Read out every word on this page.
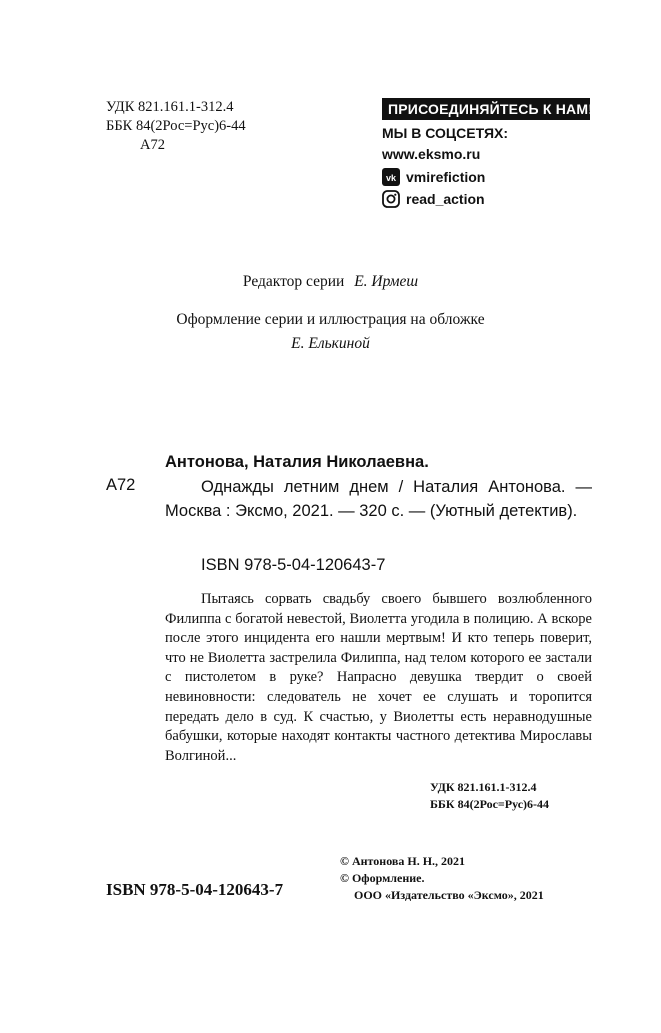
УДК 821.161.1-312.4
ББК 84(2Рос=Рус)6-44
А72
ПРИСОЕДИНЯЙТЕСЬ К НАМ!
МЫ В СОЦСЕТЯХ:
www.eksmo.ru
vk vmirefiction
read_action
Редактор серии Е. Ирмеш
Оформление серии и иллюстрация на обложке
Е. Елькиной
Антонова, Наталия Николаевна.
А72	Однажды летним днем / Наталия Антонова. — Москва : Эксмо, 2021. — 320 с. — (Уютный детектив).
ISBN 978-5-04-120643-7
Пытаясь сорвать свадьбу своего бывшего возлюбленного Филиппа с богатой невестой, Виолетта угодила в полицию. А вскоре после этого инцидента его нашли мертвым! И кто теперь поверит, что не Виолетта застрелила Филиппа, над телом которого ее застали с пистолетом в руке? Напрасно девушка твердит о своей невиновности: следователь не хочет ее слушать и торопится передать дело в суд. К счастью, у Виолетты есть неравнодушные бабушки, которые находят контакты частного детектива Мирославы Волгиной...
УДК 821.161.1-312.4
ББК 84(2Рос=Рус)6-44
© Антонова Н. Н., 2021
© Оформление.
ООО «Издательство «Эксмо», 2021
ISBN 978-5-04-120643-7
